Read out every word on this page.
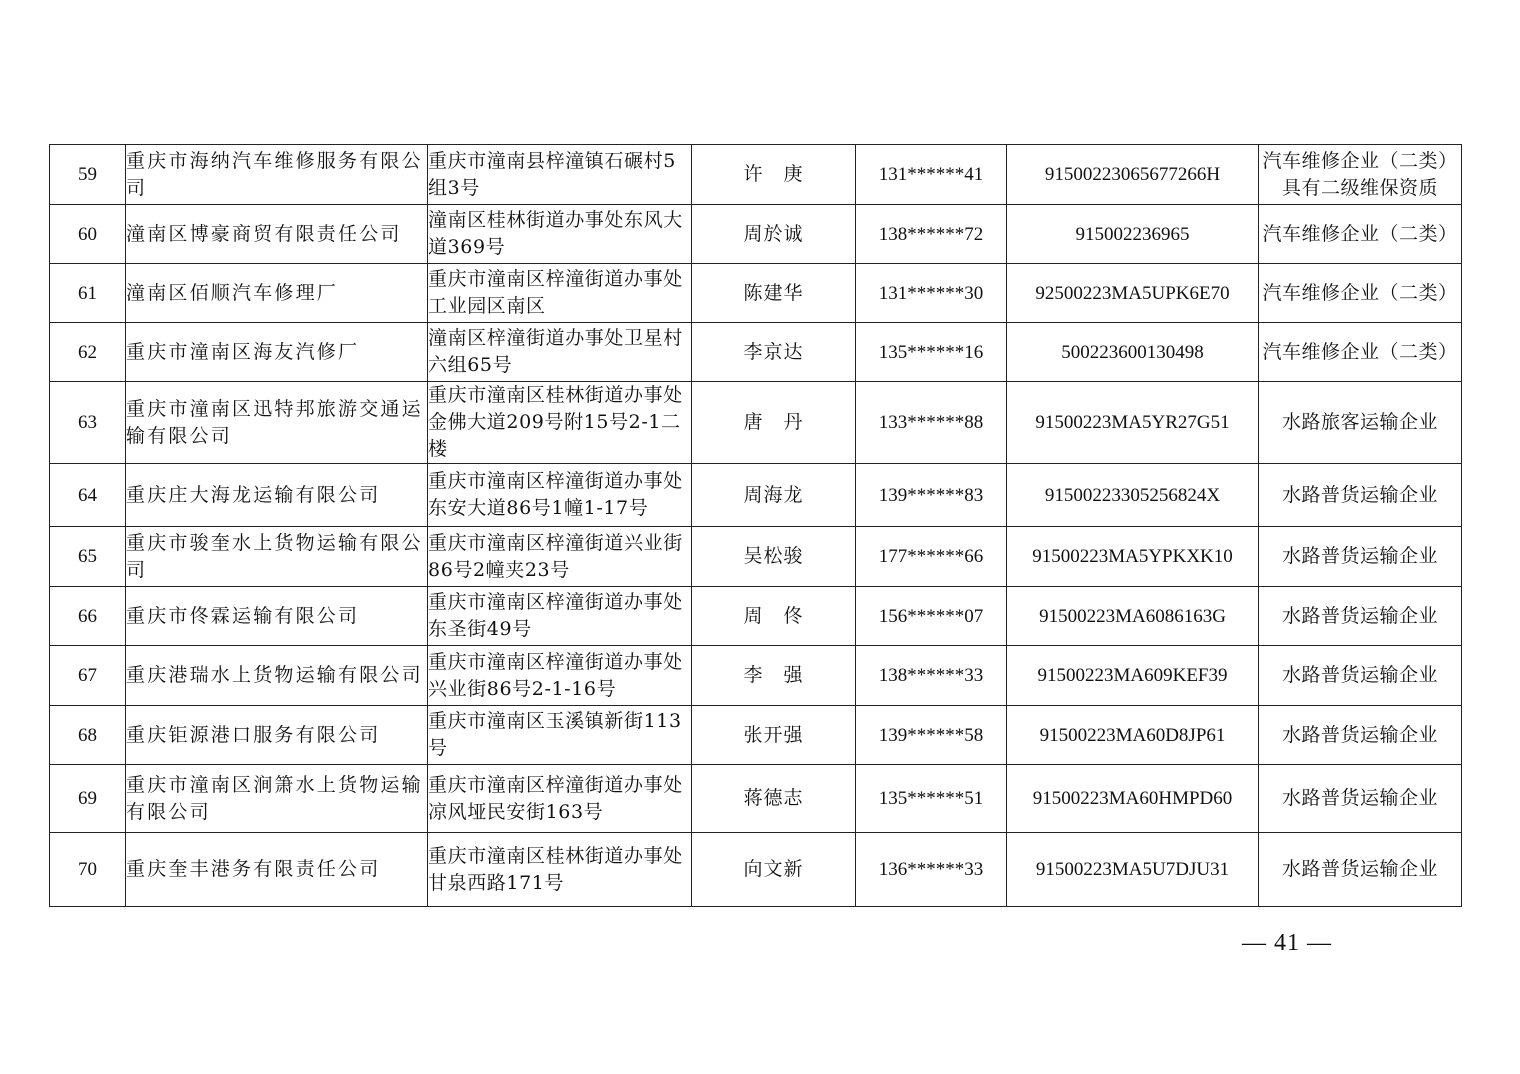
59	重庆市海纳汽车维修服务有限公司	重庆市潼南县梓潼镇石碾村5组3号	许　庚	131******41	91500223065677266H	汽车维修企业（二类）具有二级维保资质
60	潼南区博豪商贸有限责任公司	潼南区桂林街道办事处东风大道369号	周於诚	138******72	915002236965	汽车维修企业（二类）
61	潼南区佰顺汽车修理厂	重庆市潼南区梓潼街道办事处工业园区南区	陈建华	131******30	92500223MA5UPK6E70	汽车维修企业（二类）
62	重庆市潼南区海友汽修厂	潼南区梓潼街道办事处卫星村六组65号	李京达	135******16	500223600130498	汽车维修企业（二类）
63	重庆市潼南区迅特邦旅游交通运输有限公司	重庆市潼南区桂林街道办事处金佛大道209号附15号2-1二楼	唐　丹	133******88	91500223MA5YR27G51	水路旅客运输企业
64	重庆庄大海龙运输有限公司	重庆市潼南区梓潼街道办事处东安大道86号1幢1-17号	周海龙	139******83	91500223305256824X	水路普货运输企业
65	重庆市骏奎水上货物运输有限公司	重庆市潼南区梓潼街道兴业街86号2幢夹23号	吴松骏	177******66	91500223MA5YPKXK10	水路普货运输企业
66	重庆市佟霖运输有限公司	重庆市潼南区梓潼街道办事处东圣街49号	周　佟	156******07	91500223MA6086163G	水路普货运输企业
67	重庆港瑞水上货物运输有限公司	重庆市潼南区梓潼街道办事处兴业街86号2-1-16号	李　强	138******33	91500223MA609KEF39	水路普货运输企业
68	重庆钜源港口服务有限公司	重庆市潼南区玉溪镇新街113号	张开强	139******58	91500223MA60D8JP61	水路普货运输企业
69	重庆市潼南区涧箫水上货物运输有限公司	重庆市潼南区梓潼街道办事处凉风垭民安街163号	蒋德志	135******51	91500223MA60HMPD60	水路普货运输企业
70	重庆奎丰港务有限责任公司	重庆市潼南区桂林街道办事处甘泉西路171号	向文新	136******33	91500223MA5U7DJU31	水路普货运输企业
— 41 —
